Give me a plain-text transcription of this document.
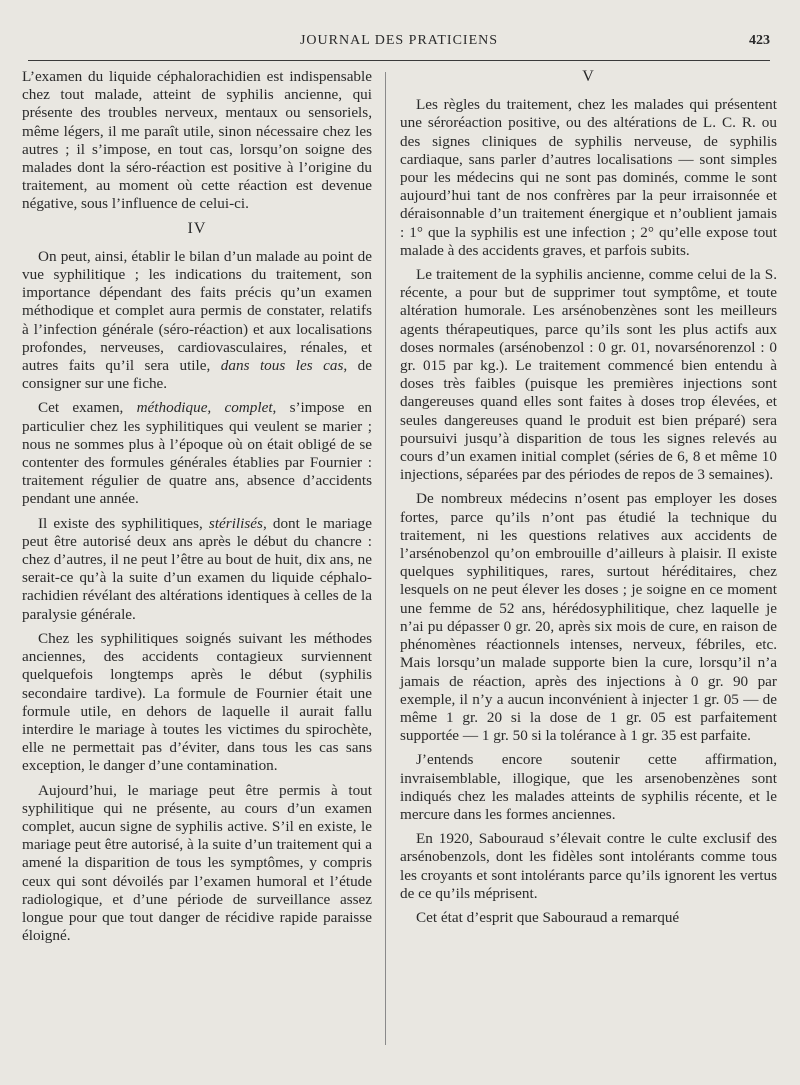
JOURNAL DES PRATICIENS	423

L’examen du liquide céphalorachidien est indispensable chez tout malade, atteint de syphilis ancienne, qui présente des troubles nerveux, mentaux ou sensoriels, même légers, il me paraît utile, sinon nécessaire chez les autres ; il s’impose, en tout cas, lorsqu’on soigne des malades dont la séro-réaction est positive à l’origine du traitement, au moment où cette réaction est devenue négative, sous l’influence de celui-ci.

IV

On peut, ainsi, établir le bilan d’un malade au point de vue syphilitique ; les indications du traitement, son importance dépendant des faits précis qu’un examen méthodique et complet aura permis de constater, relatifs à l’infection générale (séro-réaction) et aux localisations profondes, nerveuses, cardiovasculaires, rénales, et autres faits qu’il sera utile, dans tous les cas, de consigner sur une fiche.

Cet examen, méthodique, complet, s’impose en particulier chez les syphilitiques qui veulent se marier ; nous ne sommes plus à l’époque où on était obligé de se contenter des formules générales établies par Fournier : traitement régulier de quatre ans, absence d’accidents pendant une année.

Il existe des syphilitiques, stérilisés, dont le mariage peut être autorisé deux ans après le début du chancre : chez d’autres, il ne peut l’être au bout de huit, dix ans, ne serait-ce qu’à la suite d’un examen du liquide céphalo-rachidien révélant des altérations identiques à celles de la paralysie générale.

Chez les syphilitiques soignés suivant les méthodes anciennes, des accidents contagieux surviennent quelquefois longtemps après le début (syphilis secondaire tardive). La formule de Fournier était une formule utile, en dehors de laquelle il aurait fallu interdire le mariage à toutes les victimes du spirochète, elle ne permettait pas d’éviter, dans tous les cas sans exception, le danger d’une contamination.

Aujourd’hui, le mariage peut être permis à tout syphilitique qui ne présente, au cours d’un examen complet, aucun signe de syphilis active. S’il en existe, le mariage peut être autorisé, à la suite d’un traitement qui a amené la disparition de tous les symptômes, y compris ceux qui sont dévoilés par l’examen humoral et l’étude radiologique, et d’une période de surveillance assez longue pour que tout danger de récidive rapide paraisse éloigné.

V

Les règles du traitement, chez les malades qui présentent une séroréaction positive, ou des altérations de L. C. R. ou des signes cliniques de syphilis nerveuse, de syphilis cardiaque, sans parler d’autres localisations — sont simples pour les médecins qui ne sont pas dominés, comme le sont aujourd’hui tant de nos confrères par la peur irraisonnée et déraisonnable d’un traitement énergique et n’oublient jamais : 1° que la syphilis est une infection ; 2° qu’elle expose tout malade à des accidents graves, et parfois subits.

Le traitement de la syphilis ancienne, comme celui de la S. récente, a pour but de supprimer tout symptôme, et toute altération humorale. Les arsénobenzènes sont les meilleurs agents thérapeutiques, parce qu’ils sont les plus actifs aux doses normales (arsénobenzol : 0 gr. 01, novarsénorenzol : 0 gr. 015 par kg.). Le traitement commencé bien entendu à doses très faibles (puisque les premières injections sont dangereuses quand elles sont faites à doses trop élevées, et seules dangereuses quand le produit est bien préparé) sera poursuivi jusqu’à disparition de tous les signes relevés au cours d’un examen initial complet (séries de 6, 8 et même 10 injections, séparées par des périodes de repos de 3 semaines).

De nombreux médecins n’osent pas employer les doses fortes, parce qu’ils n’ont pas étudié la technique du traitement, ni les questions relatives aux accidents de l’arsénobenzol qu’on embrouille d’ailleurs à plaisir. Il existe quelques syphilitiques, rares, surtout héréditaires, chez lesquels on ne peut élever les doses ; je soigne en ce moment une femme de 52 ans, hérédosyphilitique, chez laquelle je n’ai pu dépasser 0 gr. 20, après six mois de cure, en raison de phénomènes réactionnels intenses, nerveux, fébriles, etc. Mais lorsqu’un malade supporte bien la cure, lorsqu’il n’a jamais de réaction, après des injections à 0 gr. 90 par exemple, il n’y a aucun inconvénient à injecter 1 gr. 05 — de même 1 gr. 20 si la dose de 1 gr. 05 est parfaitement supportée — 1 gr. 50 si la tolérance à 1 gr. 35 est parfaite.

J’entends encore soutenir cette affirmation, invraisemblable, illogique, que les arsenobenzènes sont indiqués chez les malades atteints de syphilis récente, et le mercure dans les formes anciennes.

En 1920, Sabouraud s’élevait contre le culte exclusif des arsénobenzols, dont les fidèles sont intolérants comme tous les croyants et sont intolérants parce qu’ils ignorent les vertus de ce qu’ils méprisent.

Cet état d’esprit que Sabouraud a remarqué
